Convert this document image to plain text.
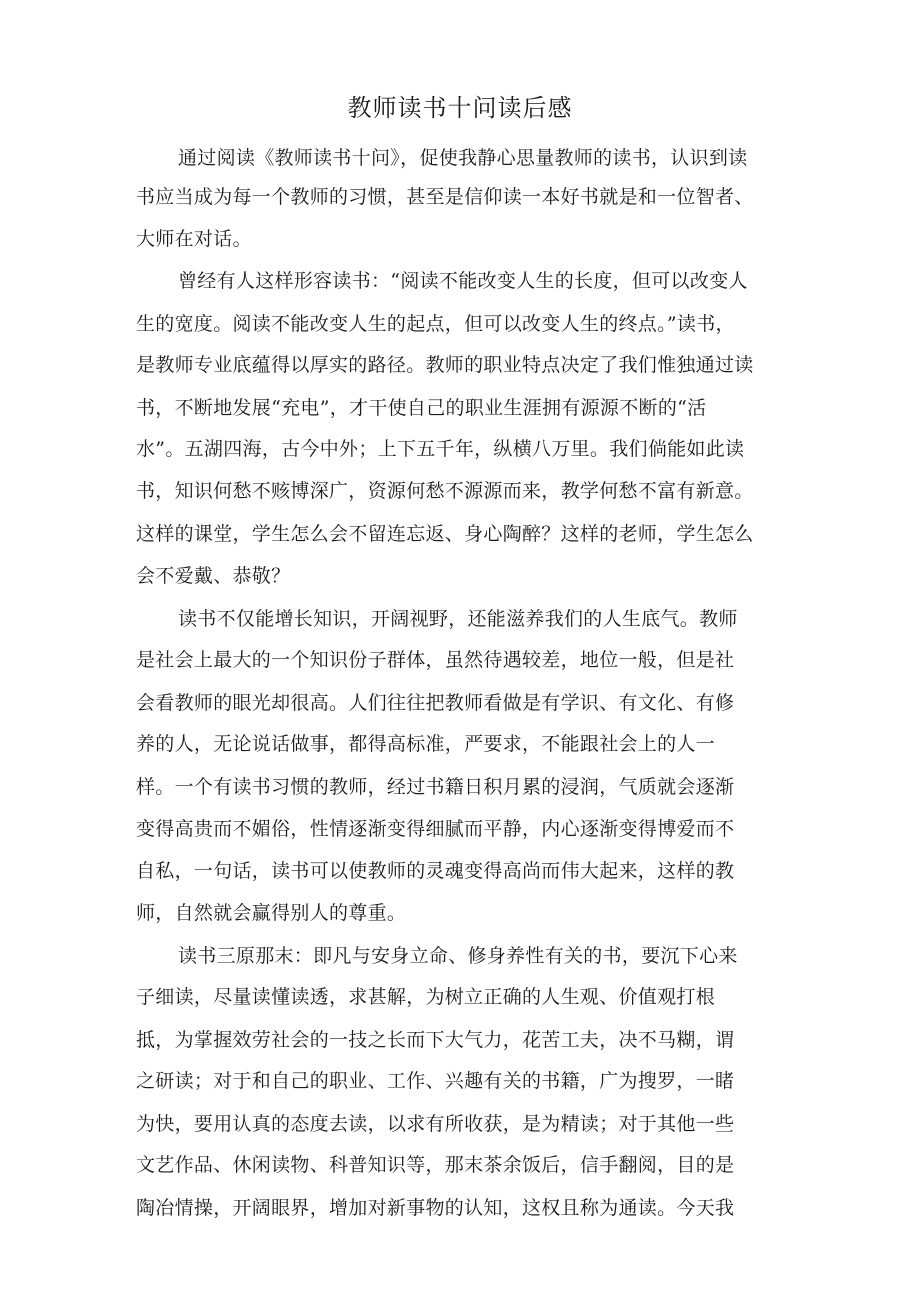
教师读书十问读后感
通过阅读《教师读书十问》，促使我静心思量教师的读书，认识到读
书应当成为每一个教师的习惯，甚至是信仰读一本好书就是和一位智者、
大师在对话。
曾经有人这样形容读书：“阅读不能改变人生的长度，但可以改变人
生的宽度。阅读不能改变人生的起点，但可以改变人生的终点。”读书，
是教师专业底蕴得以厚实的路径。教师的职业特点决定了我们惟独通过读
书，不断地发展“充电”，才干使自己的职业生涯拥有源源不断的“活
水”。五湖四海，古今中外；上下五千年，纵横八万里。我们倘能如此读
书，知识何愁不赅博深广，资源何愁不源源而来，教学何愁不富有新意。
这样的课堂，学生怎么会不留连忘返、身心陶醉？这样的老师，学生怎么
会不爱戴、恭敬？
读书不仅能增长知识，开阔视野，还能滋养我们的人生底气。教师
是社会上最大的一个知识份子群体，虽然待遇较差，地位一般，但是社
会看教师的眼光却很高。人们往往把教师看做是有学识、有文化、有修
养的人，无论说话做事，都得高标准，严要求，不能跟社会上的人一
样。一个有读书习惯的教师，经过书籍日积月累的浸润，气质就会逐渐
变得高贵而不媚俗，性情逐渐变得细腻而平静，内心逐渐变得博爱而不
自私，一句话，读书可以使教师的灵魂变得高尚而伟大起来，这样的教
师，自然就会赢得别人的尊重。
读书三原那末：即凡与安身立命、修身养性有关的书，要沉下心来
子细读，尽量读懂读透，求甚解，为树立正确的人生观、价值观打根
抵，为掌握效劳社会的一技之长而下大气力，花苦工夫，决不马糊，谓
之研读；对于和自己的职业、工作、兴趣有关的书籍，广为搜罗，一睹
为快，要用认真的态度去读，以求有所收获，是为精读；对于其他一些
文艺作品、休闲读物、科普知识等，那末茶余饭后，信手翻阅，目的是
陶冶情操，开阔眼界，增加对新事物的认知，这权且称为通读。今天我
